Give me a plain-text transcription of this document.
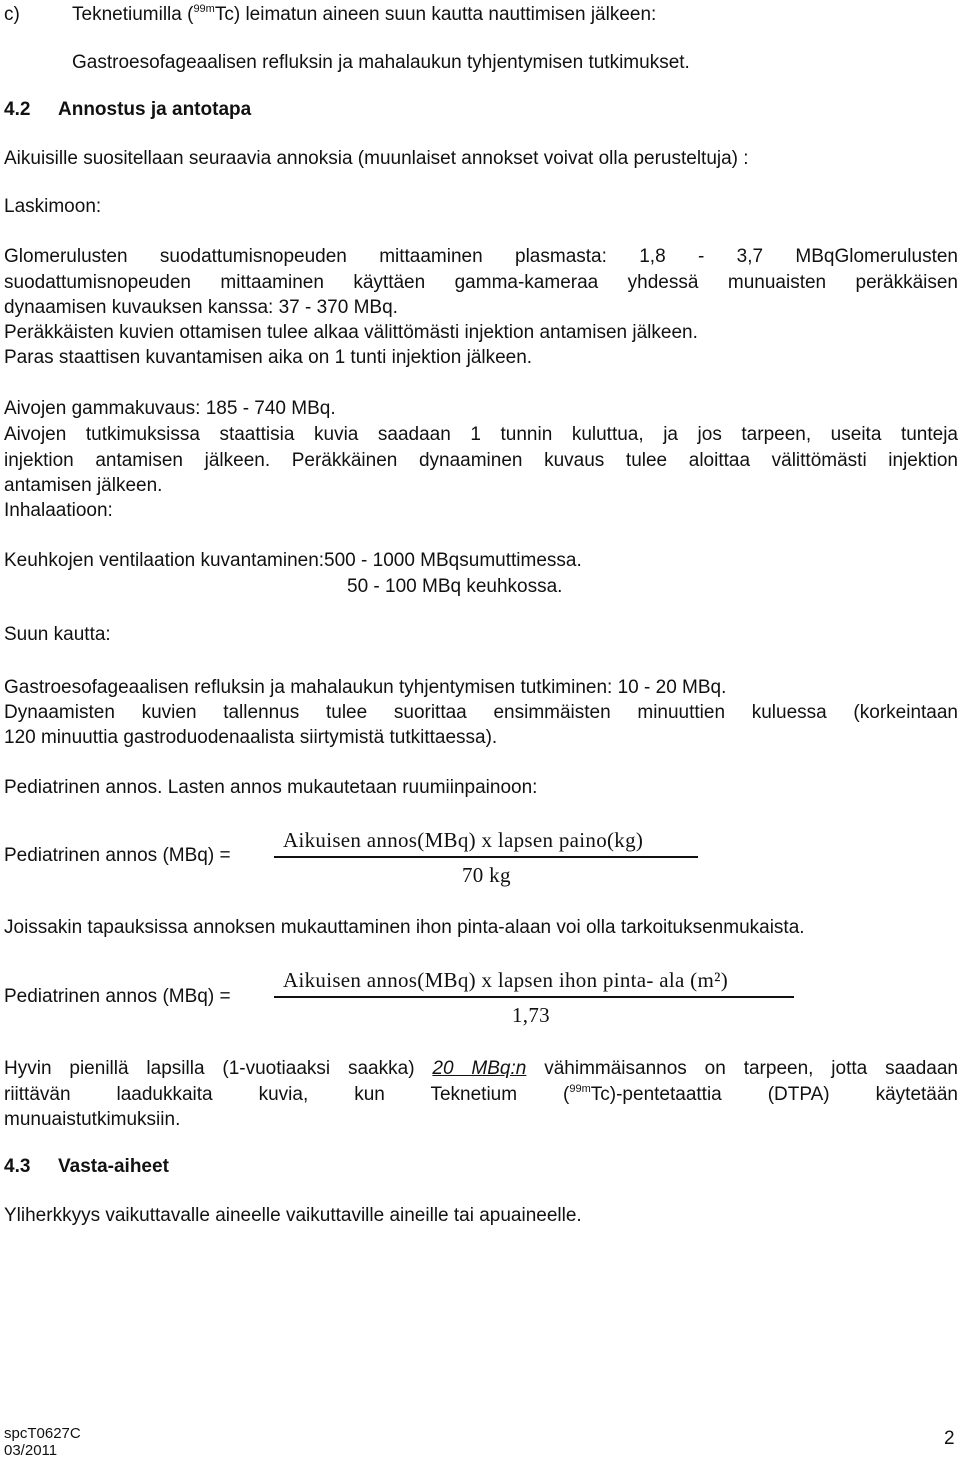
c)	Teknetiumilla ($^{99m}$Tc) leimatun aineen suun kautta nauttimisen jälkeen:
Gastroesofageaalisen refluksin ja mahalaukun tyhjentymisen tutkimukset.
4.2 Annostus ja antotapa
Aikuisille suositellaan seuraavia annoksia (muunlaiset annokset voivat olla perusteltuja) :
Laskimoon:
Glomerulusten suodattumisnopeuden mittaaminen plasmasta: 1,8 - 3,7 MBqGlomerulusten
suodattumisnopeuden mittaaminen käyttäen gamma-kameraa yhdessä munuaisten peräkkäisen
dynaamisen kuvauksen kanssa: 37 - 370 MBq.
Peräkkäisten kuvien ottamisen tulee alkaa välittömästi injektion antamisen jälkeen.
Paras staattisen kuvantamisen aika on 1 tunti injektion jälkeen.
Aivojen gammakuvaus: 185 - 740 MBq.
Aivojen tutkimuksissa staattisia kuvia saadaan 1 tunnin kuluttua, ja jos tarpeen, useita tunteja
injektion antamisen jälkeen. Peräkkäinen dynaaminen kuvaus tulee aloittaa välittömästi injektion
antamisen jälkeen.
Inhalaatioon:
Keuhkojen ventilaation kuvantaminen:500 - 1000 MBqsumuttimessa.
50 - 100 MBq keuhkossa.
Suun kautta:
Gastroesofageaalisen refluksin ja mahalaukun tyhjentymisen tutkiminen: 10 - 20 MBq.
Dynaamisten kuvien tallennus tulee suorittaa ensimmäisten minuuttien kuluessa (korkeintaan
120 minuuttia gastroduodenaalista siirtymistä tutkittaessa).
Pediatrinen annos. Lasten annos mukautetaan ruumiinpainoon:
Pediatrinen annos (MBq) =
Aikuisen annos(MBq) x lapsen paino(kg)
70 kg
Joissakin tapauksissa annoksen mukauttaminen ihon pinta-alaan voi olla tarkoituksenmukaista.
Pediatrinen annos (MBq) =
Aikuisen annos(MBq) x lapsen ihon pinta- ala (m²)
1,73
Hyvin pienillä lapsilla (1-vuotiaaksi saakka) 20 MBq:n vähimmäisannos on tarpeen, jotta saadaan
riittävän laadukkaita kuvia, kun Teknetium ($^{99m}$Tc)-pentetaattia (DTPA) käytetään
munuaistutkimuksiin.
4.3 Vasta-aiheet
Yliherkkyys vaikuttavalle aineelle vaikuttaville aineille tai apuaineelle.
spcT0627C
03/2011
2
